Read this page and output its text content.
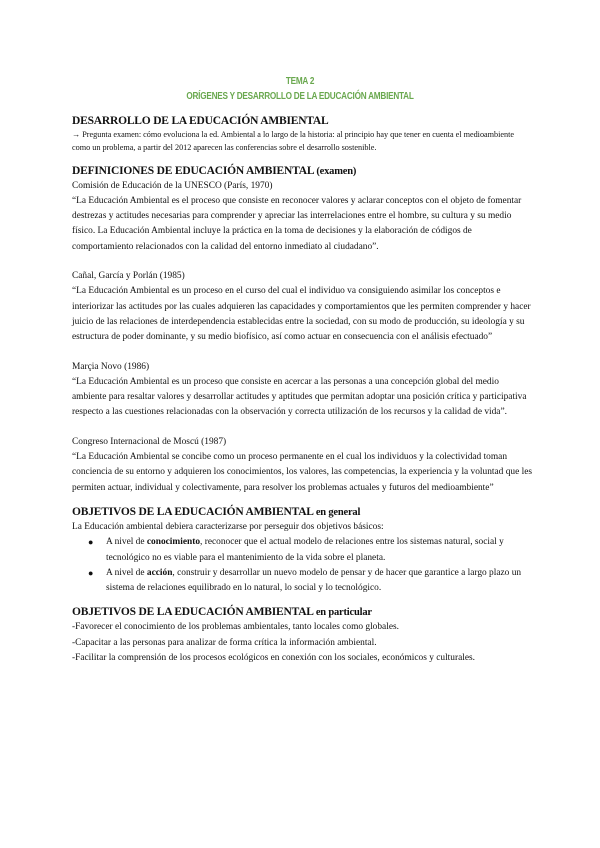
TEMA 2
ORÍGENES Y DESARROLLO DE LA EDUCACIÓN AMBIENTAL
DESARROLLO DE LA EDUCACIÓN AMBIENTAL

→ Pregunta examen: cómo evoluciona la ed. Ambiental a lo largo de la historia: al principio hay que tener en cuenta el medioambiente como un problema, a partir del 2012 aparecen las conferencias sobre el desarrollo sostenible.

DEFINICIONES DE EDUCACIÓN AMBIENTAL (examen)

Comisión de Educación de la UNESCO (París, 1970)

“La Educación Ambiental es el proceso que consiste en reconocer valores y aclarar conceptos con el objeto de fomentar destrezas y actitudes necesarias para comprender y apreciar las interrelaciones entre el hombre, su cultura y su medio físico. La Educación Ambiental incluye la práctica en la toma de decisiones y la elaboración de códigos de comportamiento relacionados con la calidad del entorno inmediato al ciudadano”.

Cañal, García y Porlán (1985)

“La Educación Ambiental es un proceso en el curso del cual el individuo va consiguiendo asimilar los conceptos e interiorizar las actitudes por las cuales adquieren las capacidades y comportamientos que les permiten comprender y hacer juicio de las relaciones de interdependencia establecidas entre la sociedad, con su modo de producción, su ideología y su estructura de poder dominante, y su medio biofísico, así como actuar en consecuencia con el análisis efectuado”

Marçia Novo (1986)

“La Educación Ambiental es un proceso que consiste en acercar a las personas a una concepción global del medio ambiente para resaltar valores y desarrollar actitudes y aptitudes que permitan adoptar una posición crítica y participativa respecto a las cuestiones relacionadas con la observación y correcta utilización de los recursos y la calidad de vida”.

Congreso Internacional de Moscú (1987)

“La Educación Ambiental se concibe como un proceso permanente en el cual los individuos y la colectividad toman conciencia de su entorno y adquieren los conocimientos, los valores, las competencias, la experiencia y la voluntad que les permiten actuar, individual y colectivamente, para resolver los problemas actuales y futuros del medioambiente”

OBJETIVOS DE LA EDUCACIÓN AMBIENTAL en general

La Educación ambiental debiera caracterizarse por perseguir dos objetivos básicos:

● A nivel de conocimiento, reconocer que el actual modelo de relaciones entre los sistemas natural, social y tecnológico no es viable para el mantenimiento de la vida sobre el planeta.
● A nivel de acción, construir y desarrollar un nuevo modelo de pensar y de hacer que garantice a largo plazo un sistema de relaciones equilibrado en lo natural, lo social y lo tecnológico.
OBJETIVOS DE LA EDUCACIÓN AMBIENTAL en particular

-Favorecer el conocimiento de los problemas ambientales, tanto locales como globales.

-Capacitar a las personas para analizar de forma crítica la información ambiental.

-Facilitar la comprensión de los procesos ecológicos en conexión con los sociales, económicos y culturales.
